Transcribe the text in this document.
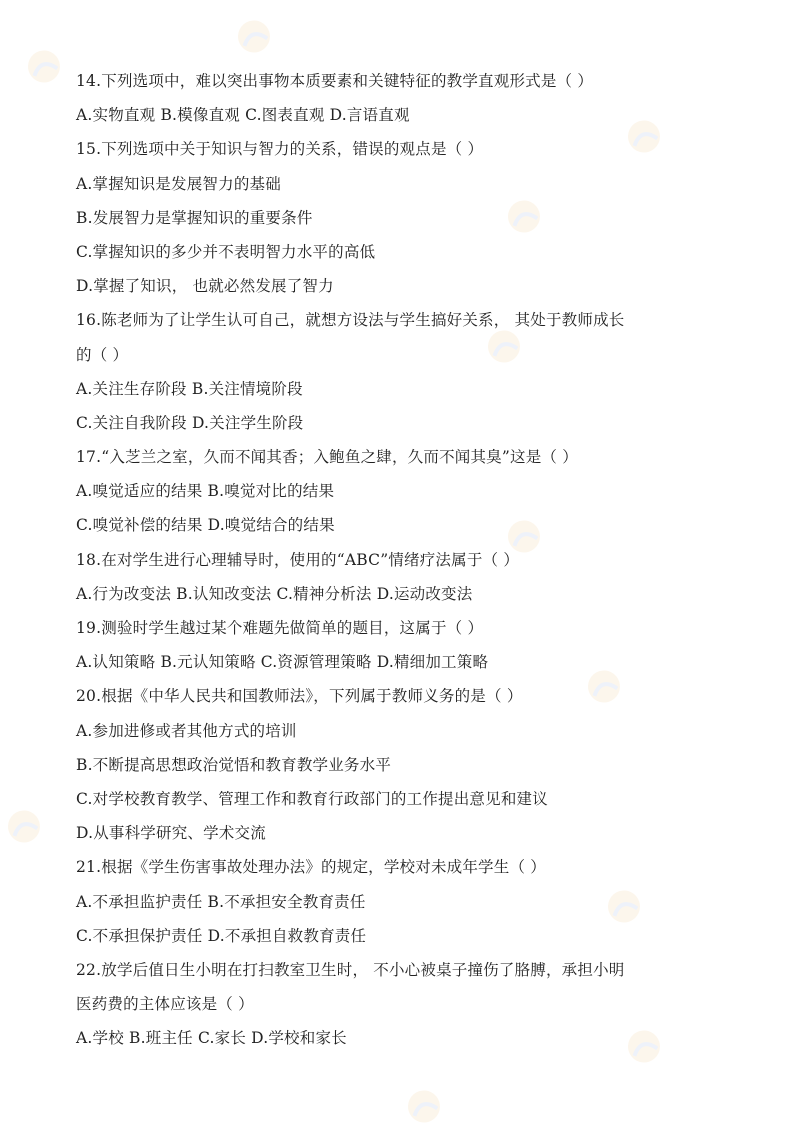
14.下列选项中，难以突出事物本质要素和关键特征的教学直观形式是（ ）
A.实物直观 B.模像直观 C.图表直观 D.言语直观
15.下列选项中关于知识与智力的关系，错误的观点是（ ）
A.掌握知识是发展智力的基础
B.发展智力是掌握知识的重要条件
C.掌握知识的多少并不表明智力水平的高低
D.掌握了知识， 也就必然发展了智力
16.陈老师为了让学生认可自己，就想方设法与学生搞好关系， 其处于教师成长
的（ ）
A.关注生存阶段 B.关注情境阶段
C.关注自我阶段 D.关注学生阶段
17.“入芝兰之室，久而不闻其香；入鲍鱼之肆，久而不闻其臭”这是（ ）
A.嗅觉适应的结果 B.嗅觉对比的结果
C.嗅觉补偿的结果 D.嗅觉结合的结果
18.在对学生进行心理辅导时，使用的“ABC”情绪疗法属于（ ）
A.行为改变法 B.认知改变法 C.精神分析法 D.运动改变法
19.测验时学生越过某个难题先做简单的题目，这属于（ ）
A.认知策略 B.元认知策略 C.资源管理策略 D.精细加工策略
20.根据《中华人民共和国教师法》，下列属于教师义务的是（ ）
A.参加进修或者其他方式的培训
B.不断提高思想政治觉悟和教育教学业务水平
C.对学校教育教学、管理工作和教育行政部门的工作提出意见和建议
D.从事科学研究、学术交流
21.根据《学生伤害事故处理办法》的规定，学校对未成年学生（ ）
A.不承担监护责任 B.不承担安全教育责任
C.不承担保护责任 D.不承担自救教育责任
22.放学后值日生小明在打扫教室卫生时， 不小心被桌子撞伤了胳膊，承担小明
医药费的主体应该是（ ）
A.学校 B.班主任 C.家长 D.学校和家长
